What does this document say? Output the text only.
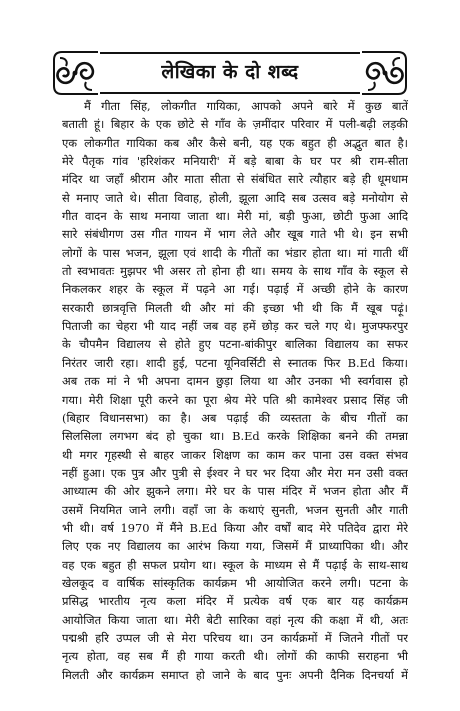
लेखिका के दो शब्द
मैं गीता सिंह, लोकगीत गायिका, आपको अपने बारे में कुछ बातें
बताती हूं। बिहार के एक छोटे से गाँव के ज़मींदार परिवार में पली-बढ़ी लड़की
एक लोकगीत गायिका कब और कैसे बनी, यह एक बहुत ही अद्भुत बात है।
मेरे पैतृक गांव 'हरिशंकर मनियारी' में बड़े बाबा के घर पर श्री राम-सीता
मंदिर था जहाँ श्रीराम और माता सीता से संबंधित सारे त्यौहार बड़े ही धूमधाम
से मनाए जाते थे। सीता विवाह, होली, झूला आदि सब उत्सव बड़े मनोयोग से
गीत वादन के साथ मनाया जाता था। मेरी मां, बड़ी फुआ, छोटी फुआ आदि
सारे संबंधीगण उस गीत गायन में भाग लेते और खूब गाते भी थे। इन सभी
लोगों के पास भजन, झूला एवं शादी के गीतों का भंडार होता था। मां गाती थीं
तो स्वभावतः मुझपर भी असर तो होना ही था। समय के साथ गाँव के स्कूल से
निकलकर शहर के स्कूल में पढ़ने आ गई। पढ़ाई में अच्छी होने के कारण
सरकारी छात्रवृत्ति मिलती थी और मां की इच्छा भी थी कि मैं खूब पढ़ूं।
पिताजी का चेहरा भी याद नहीं जब वह हमें छोड़ कर चले गए थे। मुजफ्फरपुर
के चौपमैन विद्यालय से होते हुए पटना-बांकीपुर बालिका विद्यालय का सफर
निरंतर जारी रहा। शादी हुई, पटना यूनिवर्सिटी से स्नातक फिर B.Ed किया।
अब तक मां ने भी अपना दामन छुड़ा लिया था और उनका भी स्वर्गवास हो
गया। मेरी शिक्षा पूरी करने का पूरा श्रेय मेरे पति श्री कामेश्वर प्रसाद सिंह जी
(बिहार विधानसभा) का है। अब पढ़ाई की व्यस्तता के बीच गीतों का
सिलसिला लगभग बंद हो चुका था। B.Ed करके शिक्षिका बनने की तमन्ना
थी मगर गृहस्थी से बाहर जाकर शिक्षण का काम कर पाना उस वक्त संभव
नहीं हुआ। एक पुत्र और पुत्री से ईश्वर ने घर भर दिया और मेरा मन उसी वक्त
आध्यात्म की ओर झुकने लगा। मेरे घर के पास मंदिर में भजन होता और मैं
उसमें नियमित जाने लगी। वहाँ जा के कथाएं सुनती, भजन सुनती और गाती
भी थी। वर्ष 1970 में मैंने B.Ed किया और वर्षों बाद मेरे पतिदेव द्वारा मेरे
लिए एक नए विद्यालय का आरंभ किया गया, जिसमें मैं प्राध्यापिका थी। और
वह एक बहुत ही सफल प्रयोग था। स्कूल के माध्यम से मैं पढ़ाई के साथ-साथ
खेलकूद व वार्षिक सांस्कृतिक कार्यक्रम भी आयोजित करने लगी। पटना के
प्रसिद्ध भारतीय नृत्य कला मंदिर में प्रत्येक वर्ष एक बार यह कार्यक्रम
आयोजित किया जाता था। मेरी बेटी सारिका वहां नृत्य की कक्षा में थी, अतः
पद्मश्री हरि उप्पल जी से मेरा परिचय था। उन कार्यक्रमों में जितने गीतों पर
नृत्य होता, वह सब मैं ही गाया करती थी। लोगों की काफी सराहना भी
मिलती और कार्यक्रम समाप्त हो जाने के बाद पुनः अपनी दैनिक दिनचर्या में
